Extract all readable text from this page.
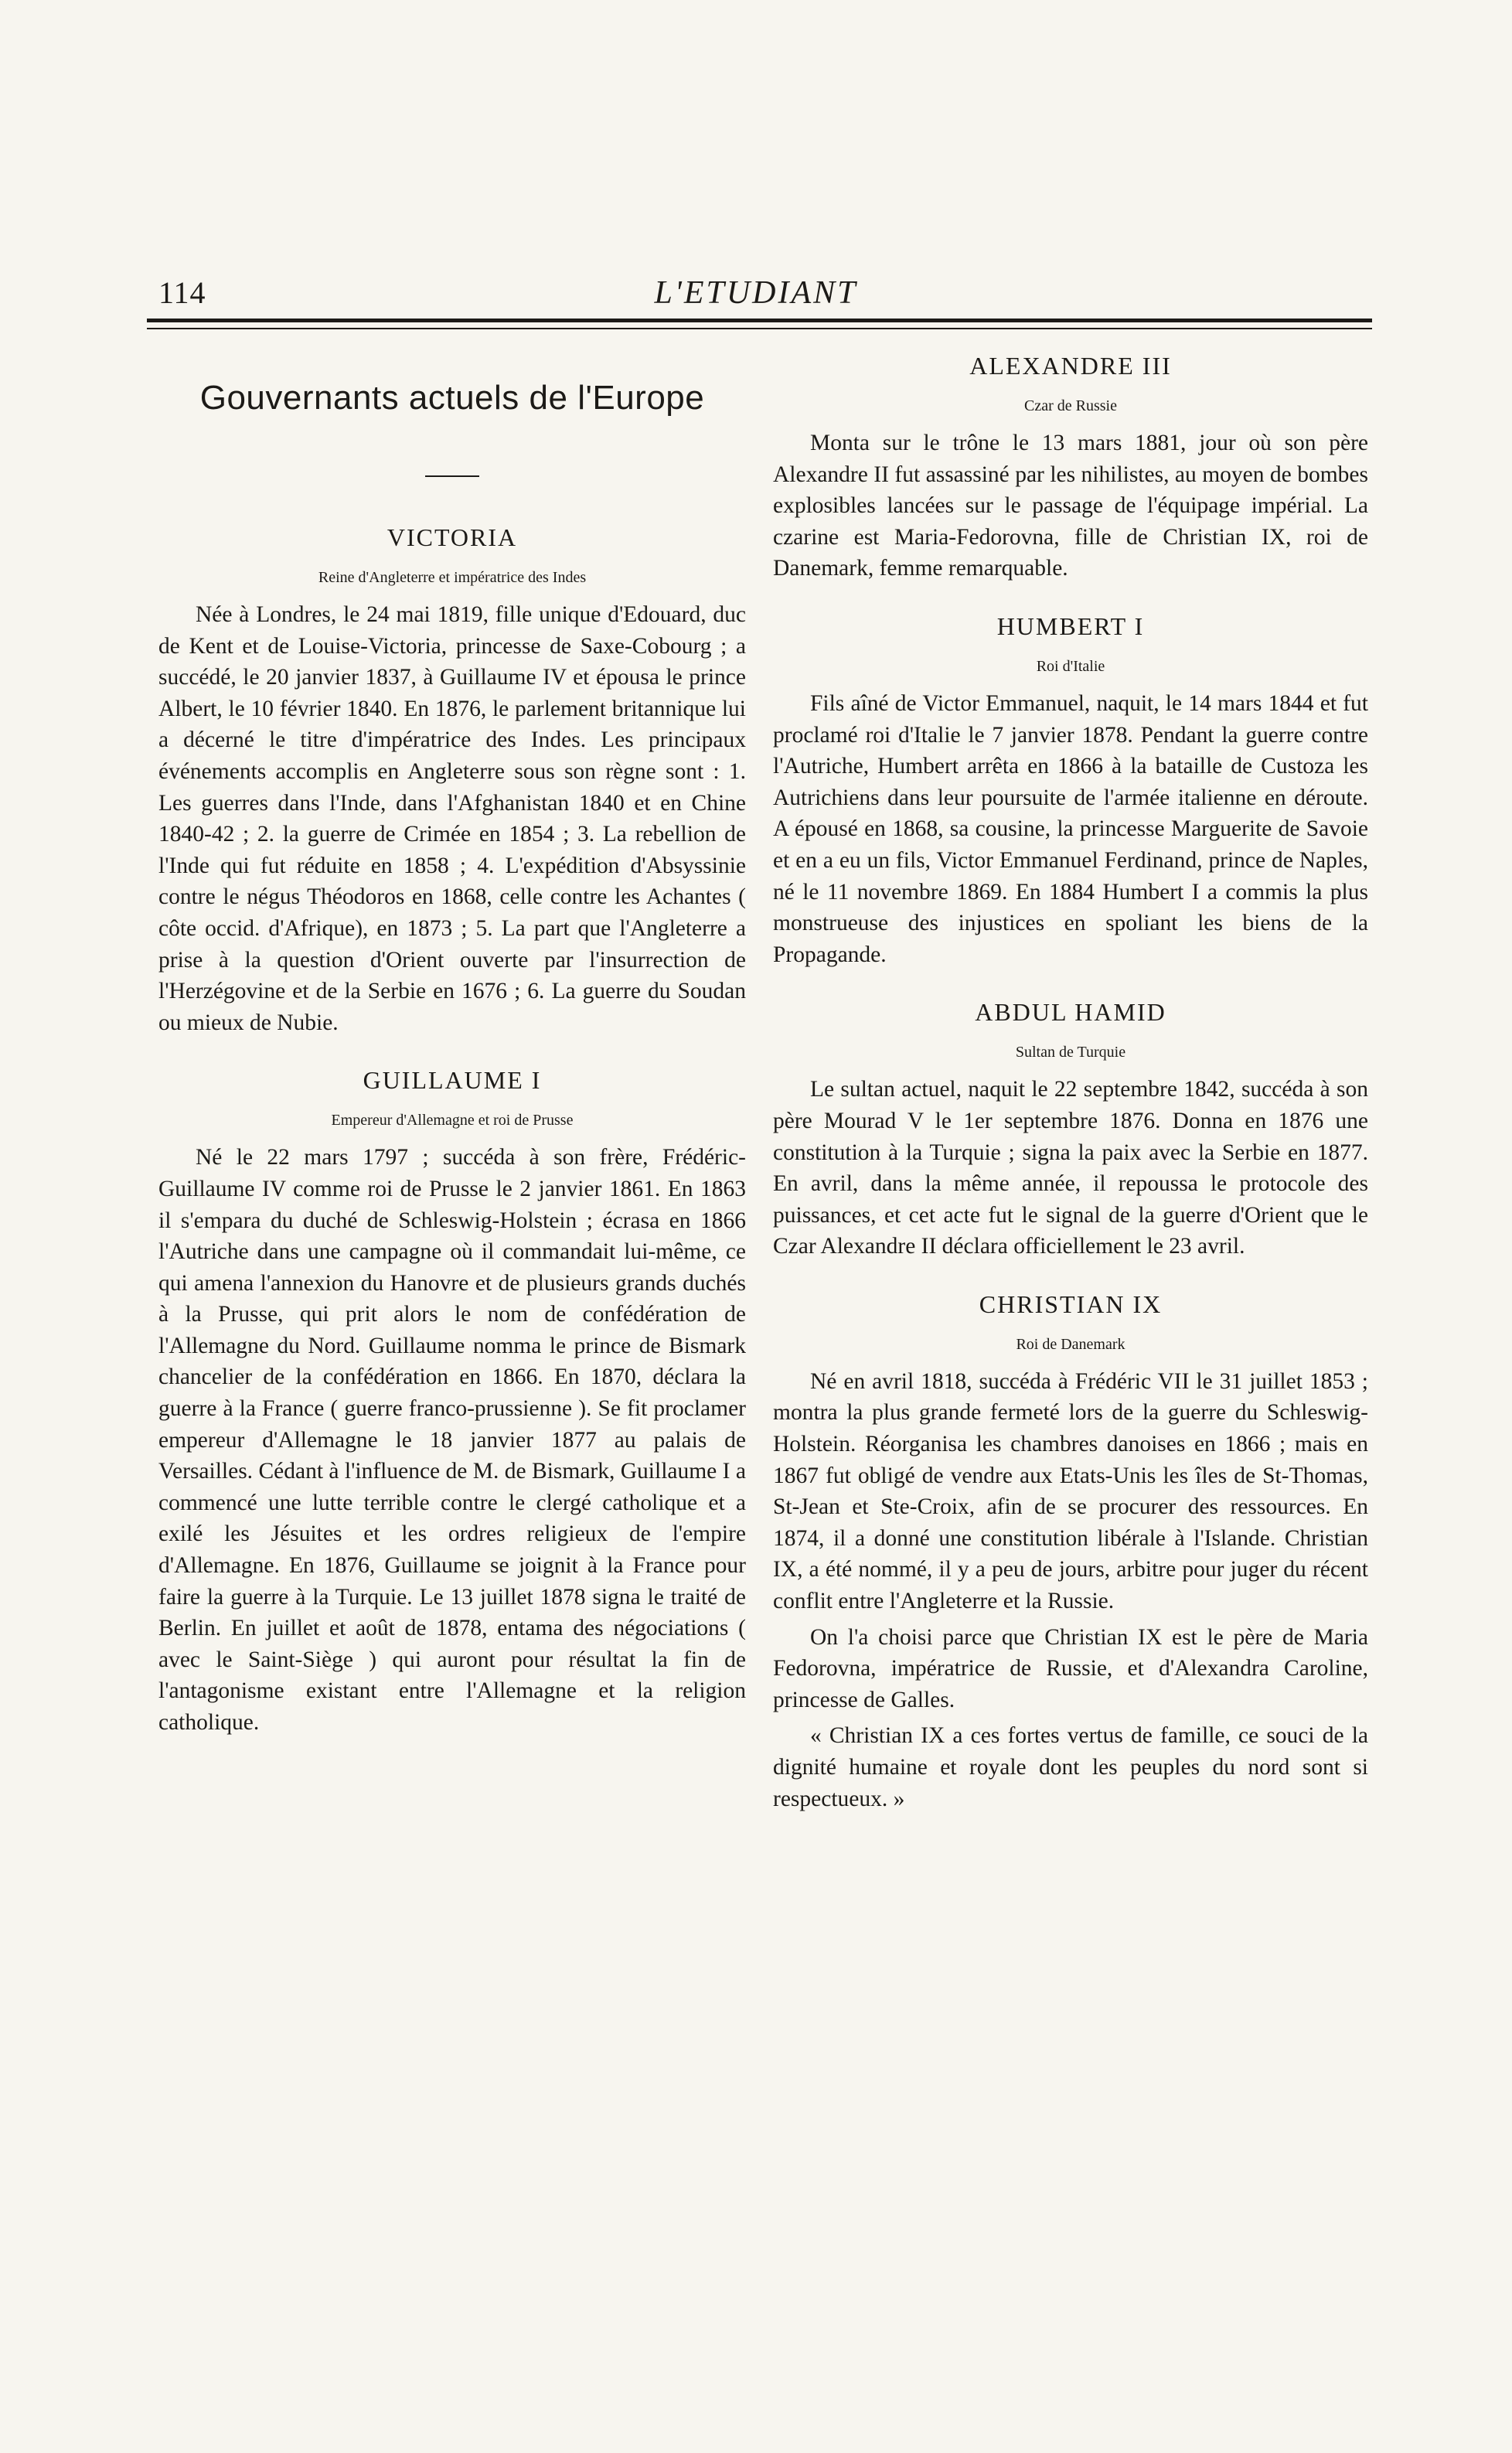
114	L'ETUDIANT
Gouvernants actuels de l'Europe
VICTORIA
Reine d'Angleterre et impératrice des Indes

Née à Londres, le 24 mai 1819, fille unique d'Edouard, duc de Kent et de Louise-Victoria, princesse de Saxe-Cobourg ; a succédé, le 20 janvier 1837, à Guillaume IV et épousa le prince Albert, le 10 février 1840. En 1876, le parlement britannique lui a décerné le titre d'impératrice des Indes. Les principaux événements accomplis en Angleterre sous son règne sont : 1. Les guerres dans l'Inde, dans l'Afghanistan 1840 et en Chine 1840-42 ; 2. la guerre de Crimée en 1854 ; 3. La rebellion de l'Inde qui fut réduite en 1858 ; 4. L'expédition d'Absyssinie contre le négus Théodoros en 1868, celle contre les Achantes ( côte occid. d'Afrique), en 1873 ; 5. La part que l'Angleterre a prise à la question d'Orient ouverte par l'insurrection de l'Herzégovine et de la Serbie en 1676 ; 6. La guerre du Soudan ou mieux de Nubie.

GUILLAUME I
Empereur d'Allemagne et roi de Prusse

Né le 22 mars 1797 ; succéda à son frère, Frédéric-Guillaume IV comme roi de Prusse le 2 janvier 1861. En 1863 il s'empara du duché de Schleswig-Holstein ; écrasa en 1866 l'Autriche dans une campagne où il commandait lui-même, ce qui amena l'annexion du Hanovre et de plusieurs grands duchés à la Prusse, qui prit alors le nom de confédération de l'Allemagne du Nord. Guillaume nomma le prince de Bismark chancelier de la confédération en 1866. En 1870, déclara la guerre à la France ( guerre franco-prussienne ). Se fit proclamer empereur d'Allemagne le 18 janvier 1877 au palais de Versailles. Cédant à l'influence de M. de Bismark, Guillaume I a commencé une lutte terrible contre le clergé catholique et a exilé les Jésuites et les ordres religieux de l'empire d'Allemagne. En 1876, Guillaume se joignit à la France pour faire la guerre à la Turquie. Le 13 juillet 1878 signa le traité de Berlin. En juillet et août de 1878, entama des négociations ( avec le Saint-Siège ) qui auront pour résultat la fin de l'antagonisme existant entre l'Allemagne et la religion catholique.

ALEXANDRE III
Czar de Russie

Monta sur le trône le 13 mars 1881, jour où son père Alexandre II fut assassiné par les nihilistes, au moyen de bombes explosibles lancées sur le passage de l'équipage impérial. La czarine est Maria-Fedorovna, fille de Christian IX, roi de Danemark, femme remarquable.

HUMBERT I
Roi d'Italie

Fils aîné de Victor Emmanuel, naquit, le 14 mars 1844 et fut proclamé roi d'Italie le 7 janvier 1878. Pendant la guerre contre l'Autriche, Humbert arrêta en 1866 à la bataille de Custoza les Autrichiens dans leur poursuite de l'armée italienne en déroute. A épousé en 1868, sa cousine, la princesse Marguerite de Savoie et en a eu un fils, Victor Emmanuel Ferdinand, prince de Naples, né le 11 novembre 1869. En 1884 Humbert I a commis la plus monstrueuse des injustices en spoliant les biens de la Propagande.

ABDUL HAMID
Sultan de Turquie

Le sultan actuel, naquit le 22 septembre 1842, succéda à son père Mourad V le 1er septembre 1876. Donna en 1876 une constitution à la Turquie ; signa la paix avec la Serbie en 1877. En avril, dans la même année, il repoussa le protocole des puissances, et cet acte fut le signal de la guerre d'Orient que le Czar Alexandre II déclara officiellement le 23 avril.

CHRISTIAN IX
Roi de Danemark

Né en avril 1818, succéda à Frédéric VII le 31 juillet 1853 ; montra la plus grande fermeté lors de la guerre du Schleswig-Holstein. Réorganisa les chambres danoises en 1866 ; mais en 1867 fut obligé de vendre aux Etats-Unis les îles de St-Thomas, St-Jean et Ste-Croix, afin de se procurer des ressources. En 1874, il a donné une constitution libérale à l'Islande. Christian IX, a été nommé, il y a peu de jours, arbitre pour juger du récent conflit entre l'Angleterre et la Russie.

On l'a choisi parce que Christian IX est le père de Maria Fedorovna, impératrice de Russie, et d'Alexandra Caroline, princesse de Galles.

« Christian IX a ces fortes vertus de famille, ce souci de la dignité humaine et royale dont les peuples du nord sont si respectueux. »
